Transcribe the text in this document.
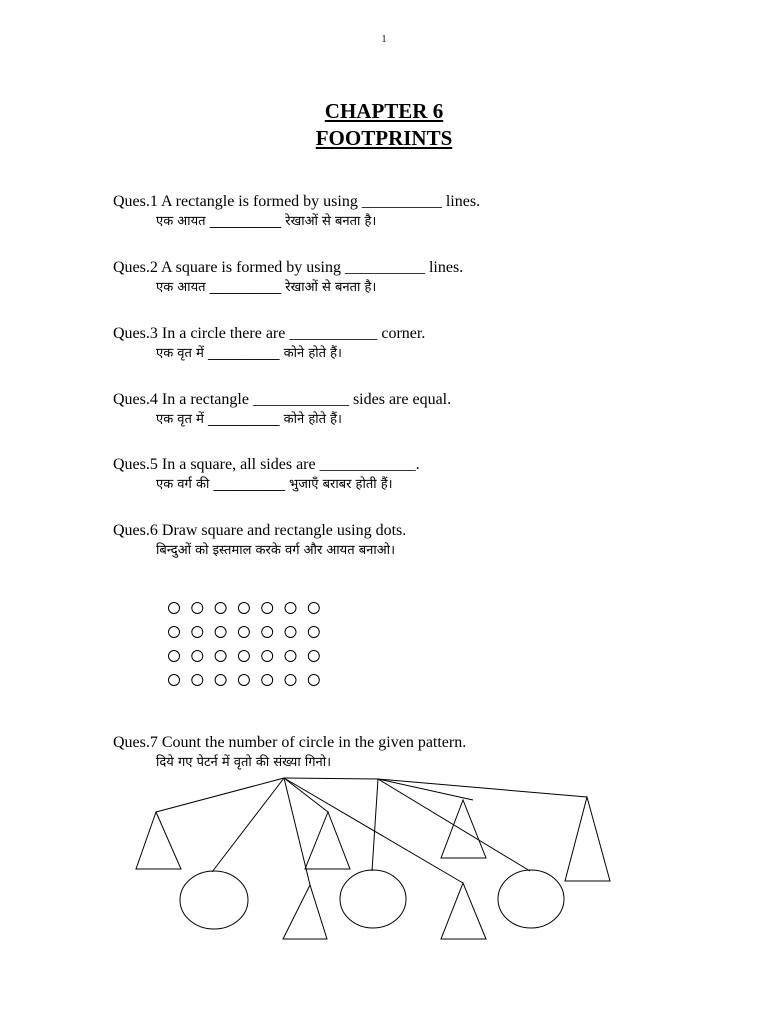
1
CHAPTER 6
FOOTPRINTS
Ques.1 A rectangle is formed by using __________ lines.
एक आयत ___________ रेखाओं से बनता है।
Ques.2 A square is formed by using __________ lines.
एक आयत ___________ रेखाओं से बनता है।
Ques.3 In a circle there are ___________ corner.
एक वृत में ___________ कोने होते हैं।
Ques.4 In a rectangle ____________ sides are equal.
एक वृत में ___________ कोने होते हैं।
Ques.5 In a square, all sides are ____________.
एक वर्ग की ___________ भुजाएँ बराबर होती हैं।
Ques.6 Draw square and rectangle using dots.
बिन्दुओं को इस्तमाल करके वर्ग और आयत बनाओ।
Ques.7 Count the number of circle in the given pattern.
दिये गए पेटर्न में वृतो की संख्या गिनो।
